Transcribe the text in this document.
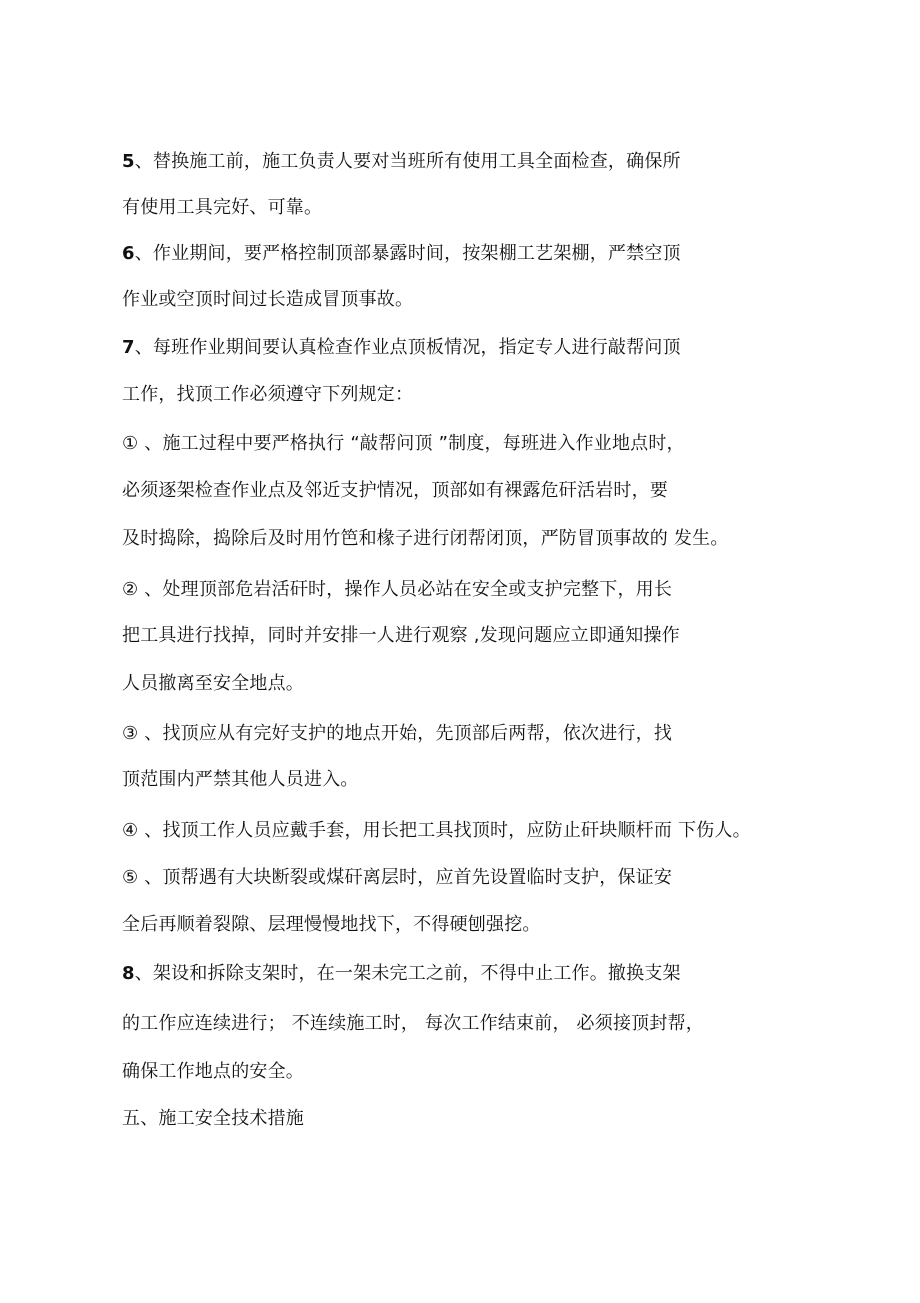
5、替换施工前，施工负责人要对当班所有使用工具全面检查，确保所
有使用工具完好、可靠。
6、作业期间，要严格控制顶部暴露时间，按架棚工艺架棚，严禁空顶
作业或空顶时间过长造成冒顶事故。
7、每班作业期间要认真检查作业点顶板情况，指定专人进行敲帮问顶
工作，找顶工作必须遵守下列规定：
① 、施工过程中要严格执行 “敲帮问顶 ”制度，每班进入作业地点时，
必须逐架检查作业点及邻近支护情况，顶部如有裸露危矸活岩时，要
及时捣除，捣除后及时用竹笆和椽子进行闭帮闭顶，严防冒顶事故的 发生。
② 、处理顶部危岩活矸时，操作人员必站在安全或支护完整下，用长
把工具进行找掉，同时并安排一人进行观察 ,发现问题应立即通知操作
人员撤离至安全地点。
③ 、找顶应从有完好支护的地点开始，先顶部后两帮，依次进行，找
顶范围内严禁其他人员进入。
④ 、找顶工作人员应戴手套，用长把工具找顶时，应防止矸块顺杆而 下伤人。
⑤ 、顶帮遇有大块断裂或煤矸离层时，应首先设置临时支护，保证安
全后再顺着裂隙、层理慢慢地找下，不得硬刨强挖。
8、架设和拆除支架时，在一架未完工之前，不得中止工作。撤换支架
的工作应连续进行； 不连续施工时， 每次工作结束前， 必须接顶封帮，
确保工作地点的安全。
五、施工安全技术措施
